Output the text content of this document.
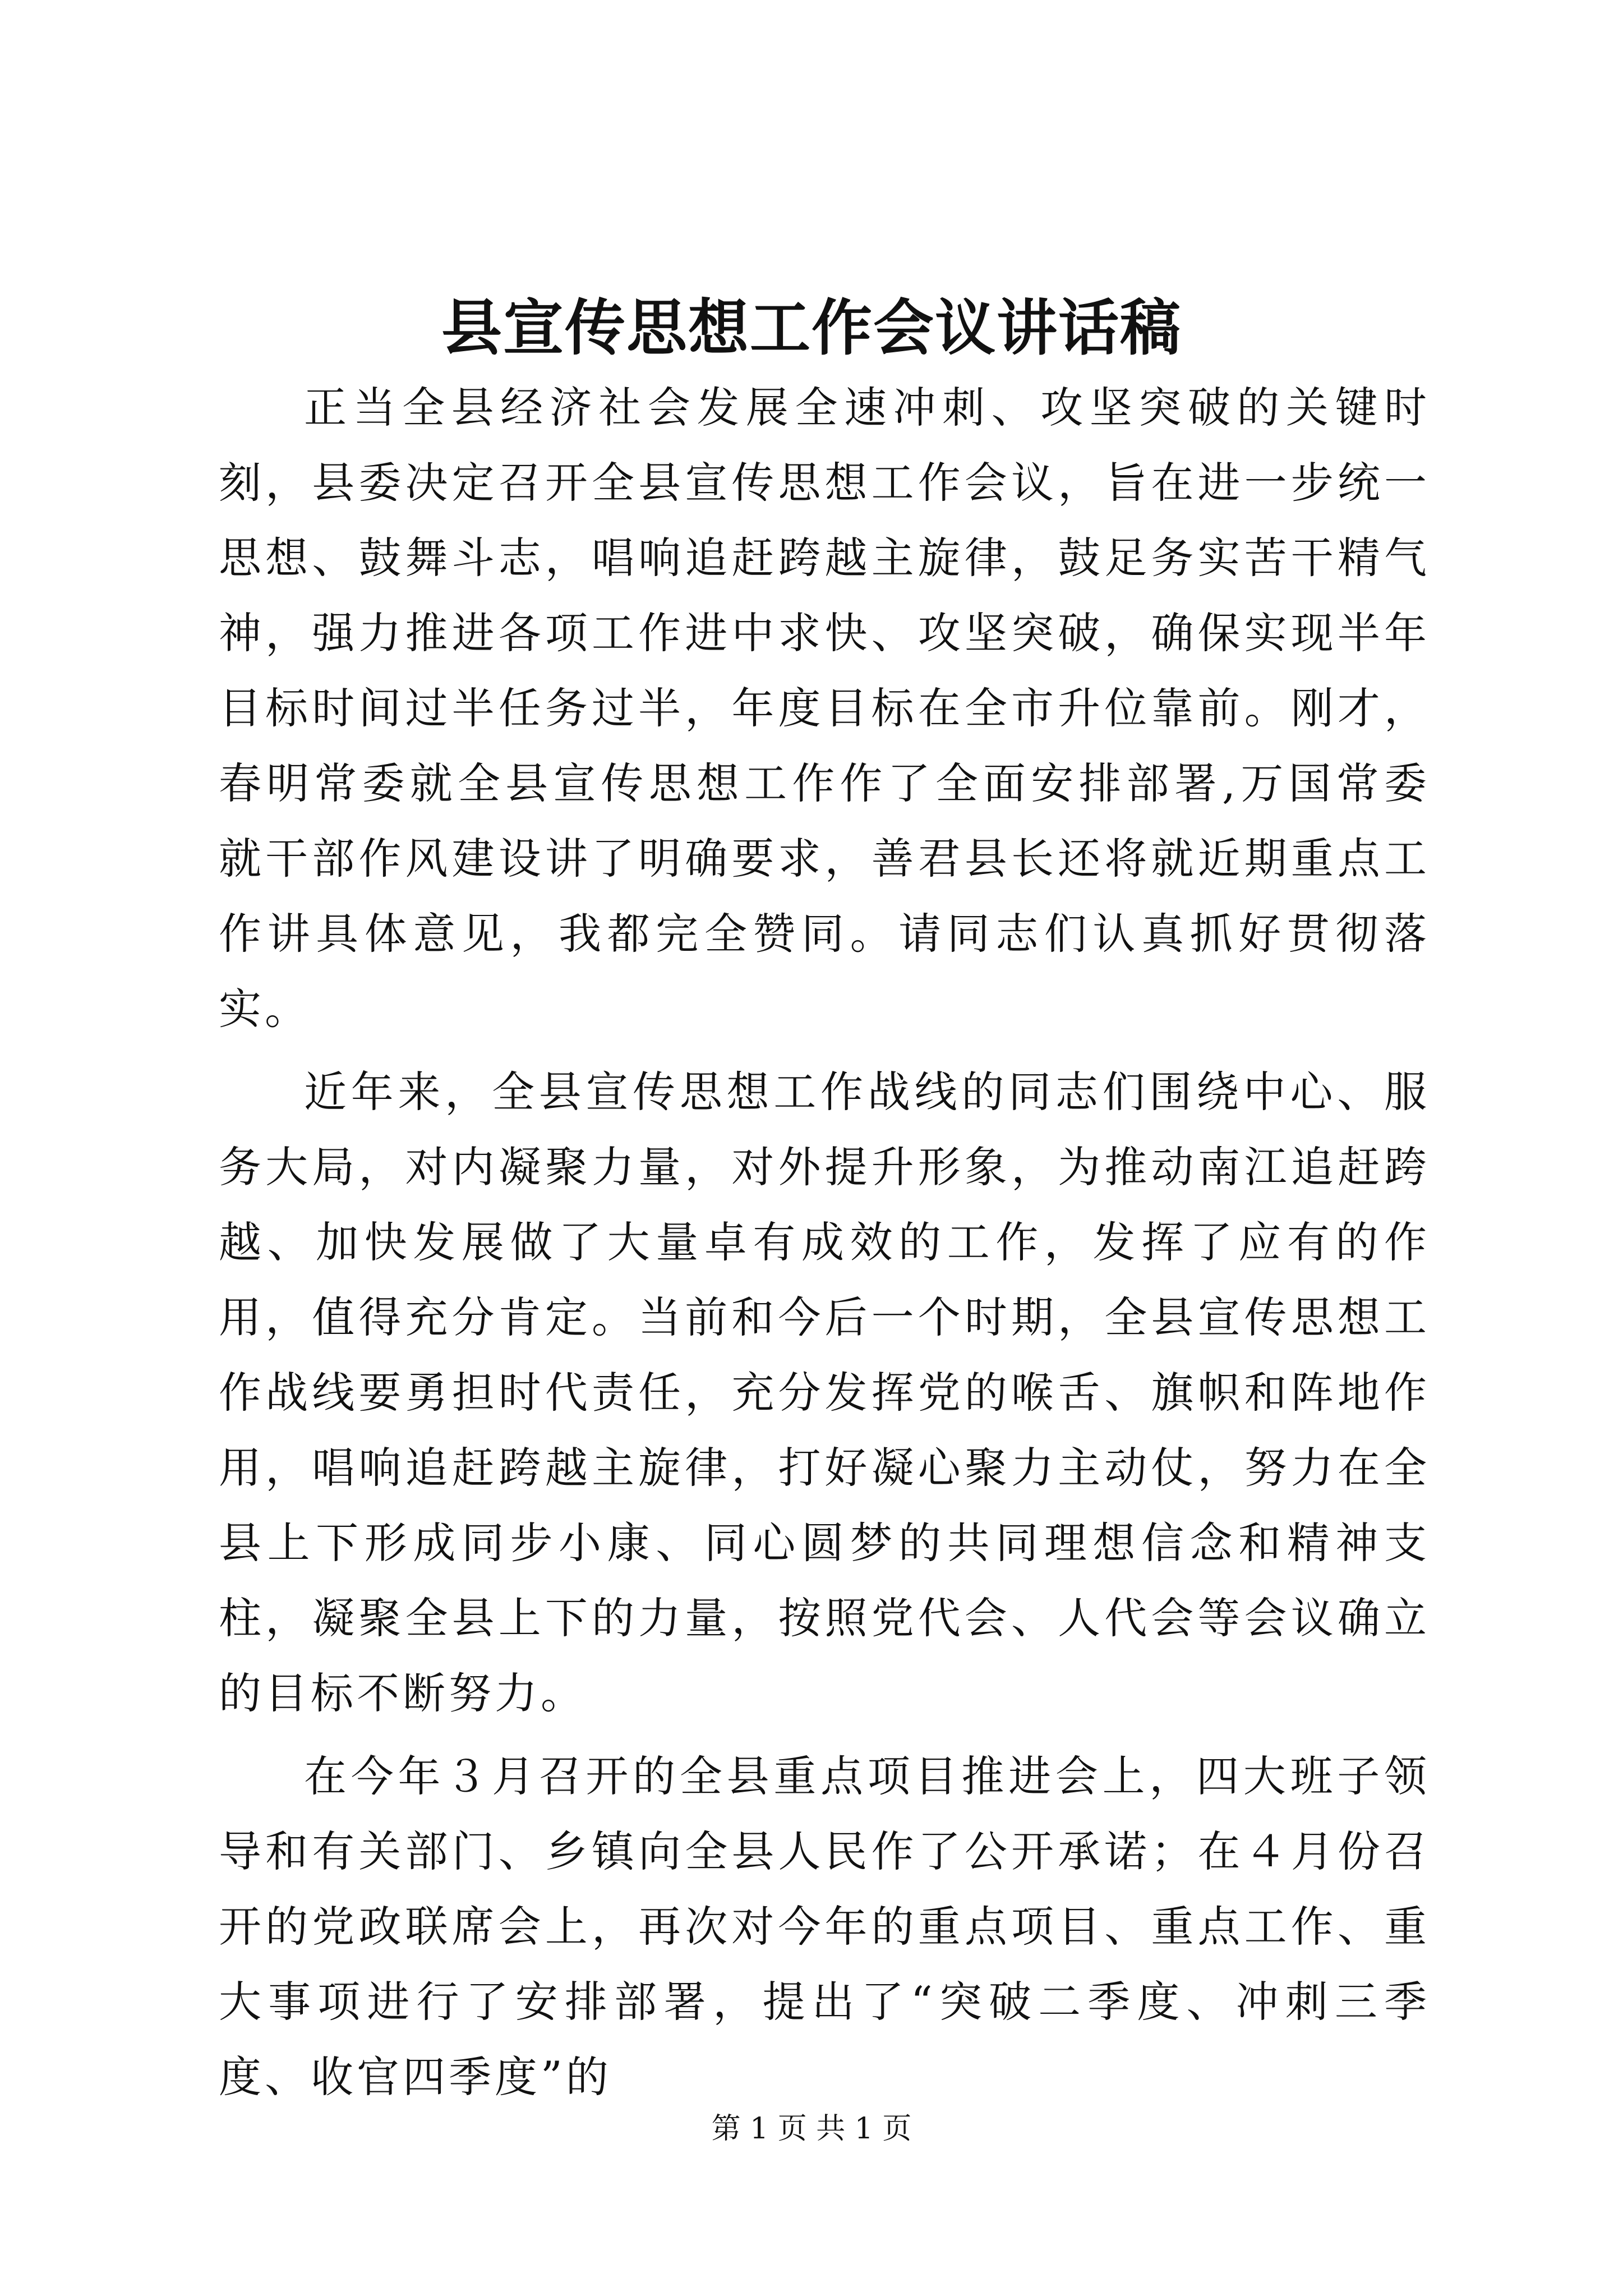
县宣传思想工作会议讲话稿

正当全县经济社会发展全速冲刺、攻坚突破的关键时刻，县委决定召开全县宣传思想工作会议，旨在进一步统一思想、鼓舞斗志，唱响追赶跨越主旋律，鼓足务实苦干精气神，强力推进各项工作进中求快、攻坚突破，确保实现半年目标时间过半任务过半，年度目标在全市升位靠前。刚才，春明常委就全县宣传思想工作作了全面安排部署,万国常委就干部作风建设讲了明确要求，善君县长还将就近期重点工作讲具体意见，我都完全赞同。请同志们认真抓好贯彻落实。

近年来，全县宣传思想工作战线的同志们围绕中心、服务大局，对内凝聚力量，对外提升形象，为推动南江追赶跨越、加快发展做了大量卓有成效的工作，发挥了应有的作用，值得充分肯定。当前和今后一个时期，全县宣传思想工作战线要勇担时代责任，充分发挥党的喉舌、旗帜和阵地作用，唱响追赶跨越主旋律，打好凝心聚力主动仗，努力在全县上下形成同步小康、同心圆梦的共同理想信念和精神支柱，凝聚全县上下的力量，按照党代会、人代会等会议确立的目标不断努力。

在今年３月召开的全县重点项目推进会上，四大班子领导和有关部门、乡镇向全县人民作了公开承诺；在４月份召开的党政联席会上，再次对今年的重点项目、重点工作、重大事项进行了安排部署，提出了“突破二季度、冲刺三季度、收官四季度”的

第 1 页 共 1 页
